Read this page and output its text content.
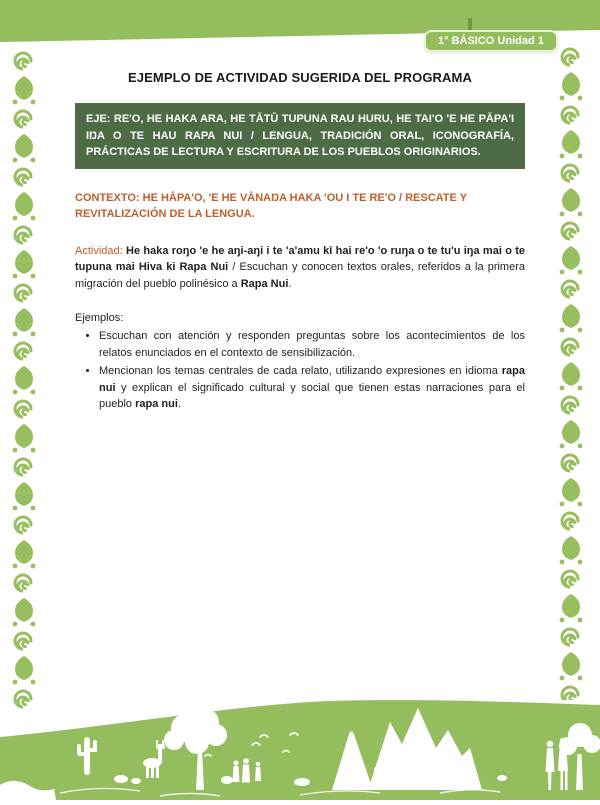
1° BÁSICO Unidad 1
EJEMPLO DE ACTIVIDAD SUGERIDA DEL PROGRAMA
EJE: RE'O, HE HAKA ARA, HE TĀTŪ TUPUNA RAU HURU, HE TAI'O 'E HE PĀPA'I IŊA O TE HAU RAPA NUI / LENGUA, TRADICIÓN ORAL, ICONOGRAFÍA, PRÁCTICAS DE LECTURA Y ESCRITURA DE LOS PUEBLOS ORIGINARIOS.
CONTEXTO: HE HĀPA'O, 'E HE VĀNAŊA HAKA 'OU I TE RE'O / RESCATE Y REVITALIZACIÓN DE LA LENGUA.
Actividad: He haka roŋo 'e he aŋi-aŋi i te 'a'amu kī hai re'o 'o ruŋa o te tu'u iŋa mai o te tupuna mai Hiva ki Rapa Nui / Escuchan y conocen textos orales, referidos a la primera migración del pueblo polinésico a Rapa Nui.
Ejemplos:
• Escuchan con atención y responden preguntas sobre los acontecimientos de los relatos enunciados en el contexto de sensibilización.
• Mencionan los temas centrales de cada relato, utilizando expresiones en idioma rapa nui y explican el significado cultural y social que tienen estas narraciones para el pueblo rapa nui.
